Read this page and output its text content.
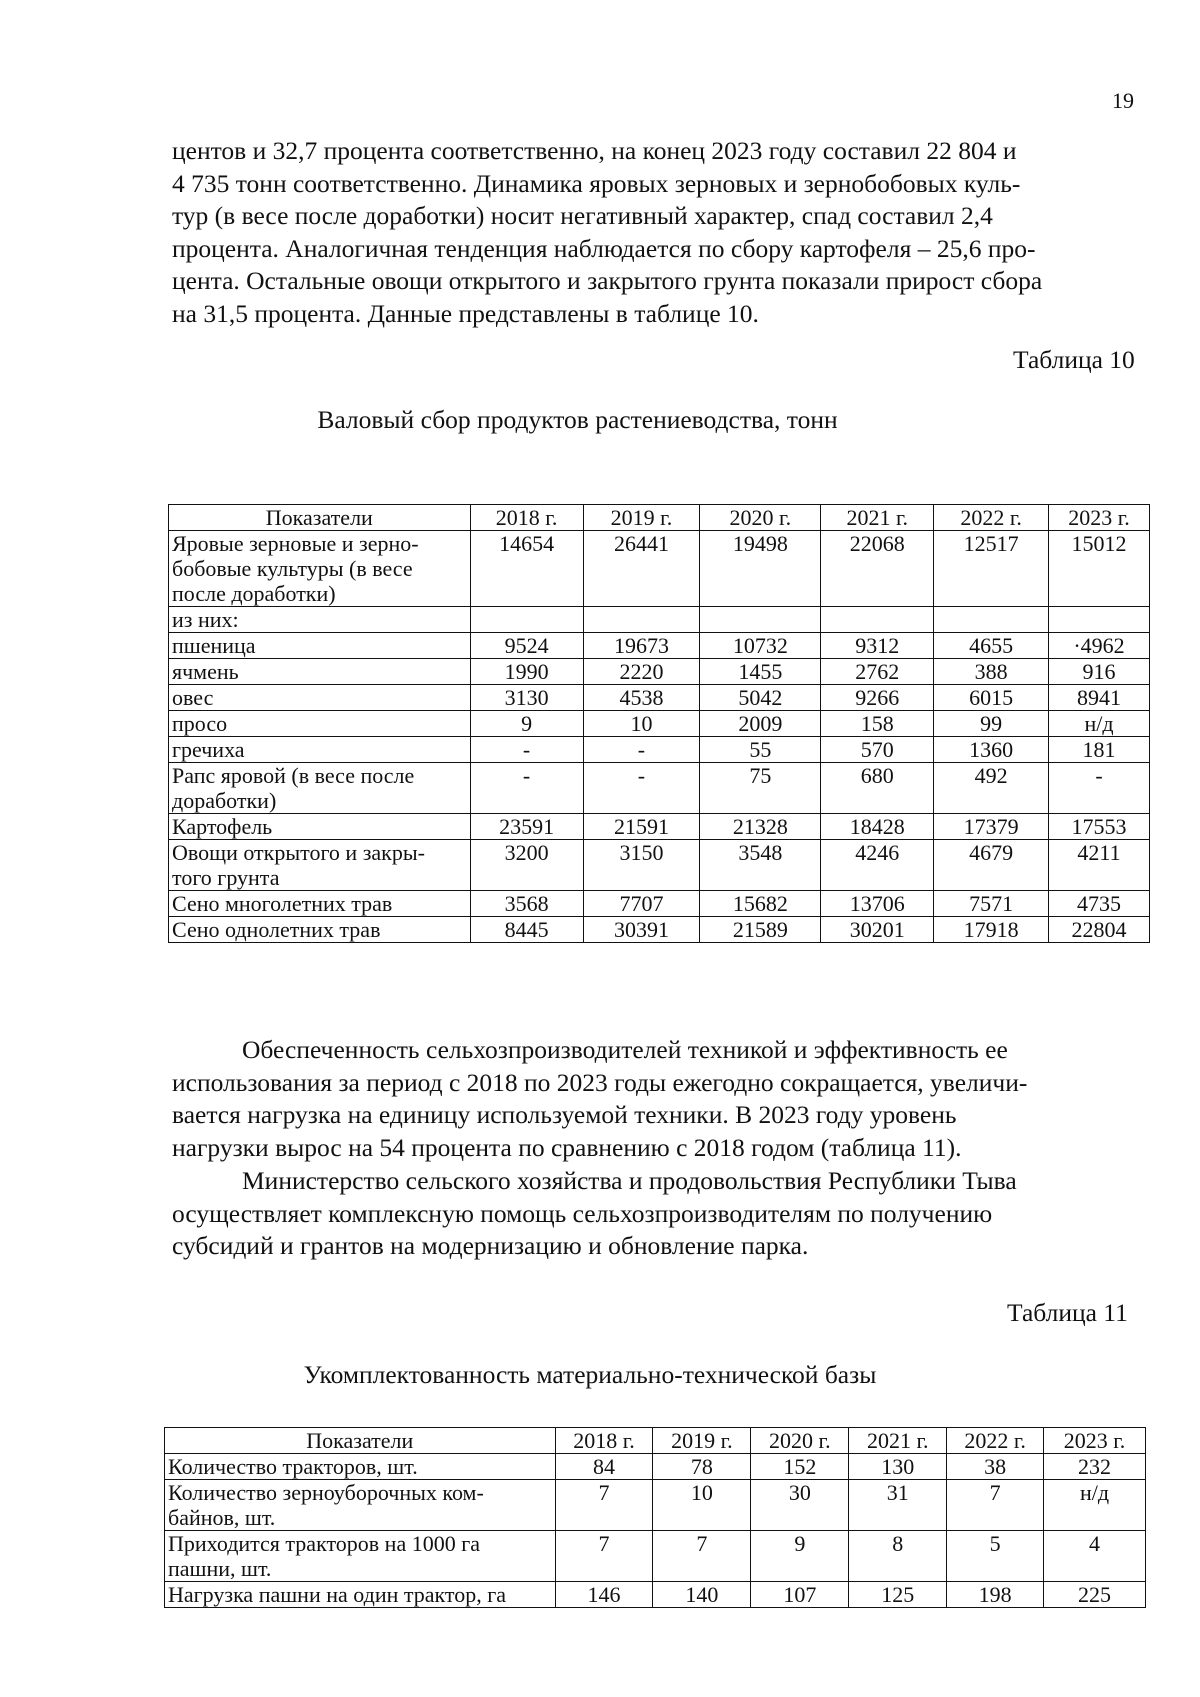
19

центов и 32,7 процента соответственно, на конец 2023 году составил 22 804 и
4 735 тонн соответственно. Динамика яровых зерновых и зернобобовых куль-
тур (в весе после доработки) носит негативный характер, спад составил 2,4
процента. Аналогичная тенденция наблюдается по сбору картофеля – 25,6 про-
цента. Остальные овощи открытого и закрытого грунта показали прирост сбора
на 31,5 процента. Данные представлены в таблице 10.

Таблица 10
Валовый сбор продуктов растениеводства, тонн
Показатели	2018 г.	2019 г.	2020 г.	2021 г.	2022 г.	2023 г.
Яровые зерновые и зерно-
бобовые культуры (в весе
после доработки)	14654	26441	19498	22068	12517	15012
из них:						
пшеница	9524	19673	10732	9312	4655	·4962
ячмень	1990	2220	1455	2762	388	916
овес	3130	4538	5042	9266	6015	8941
просо	9	10	2009	158	99	н/д
гречиха	-	-	55	570	1360	181
Рапс яровой (в весе после
доработки)	-	-	75	680	492	-
Картофель	23591	21591	21328	18428	17379	17553
Овощи открытого и закры-
того грунта	3200	3150	3548	4246	4679	4211
Сено многолетних трав	3568	7707	15682	13706	7571	4735
Сено однолетних трав	8445	30391	21589	30201	17918	22804

Обеспеченность сельхозпроизводителей техникой и эффективность ее
использования за период с 2018 по 2023 годы ежегодно сокращается, увеличи-
вается нагрузка на единицу используемой техники. В 2023 году уровень
нагрузки вырос на 54 процента по сравнению с 2018 годом (таблица 11).

Министерство сельского хозяйства и продовольствия Республики Тыва
осуществляет комплексную помощь сельхозпроизводителям по получению
субсидий и грантов на модернизацию и обновление парка.

Таблица 11
Укомплектованность материально-технической базы
Показатели	2018 г.	2019 г.	2020 г.	2021 г.	2022 г.	2023 г.
Количество тракторов, шт.	84	78	152	130	38	232
Количество зерноуборочных ком-
байнов, шт.	7	10	30	31	7	н/д
Приходится тракторов на 1000 га
пашни, шт.	7	7	9	8	5	4
Нагрузка пашни на один трактор, га	146	140	107	125	198	225
